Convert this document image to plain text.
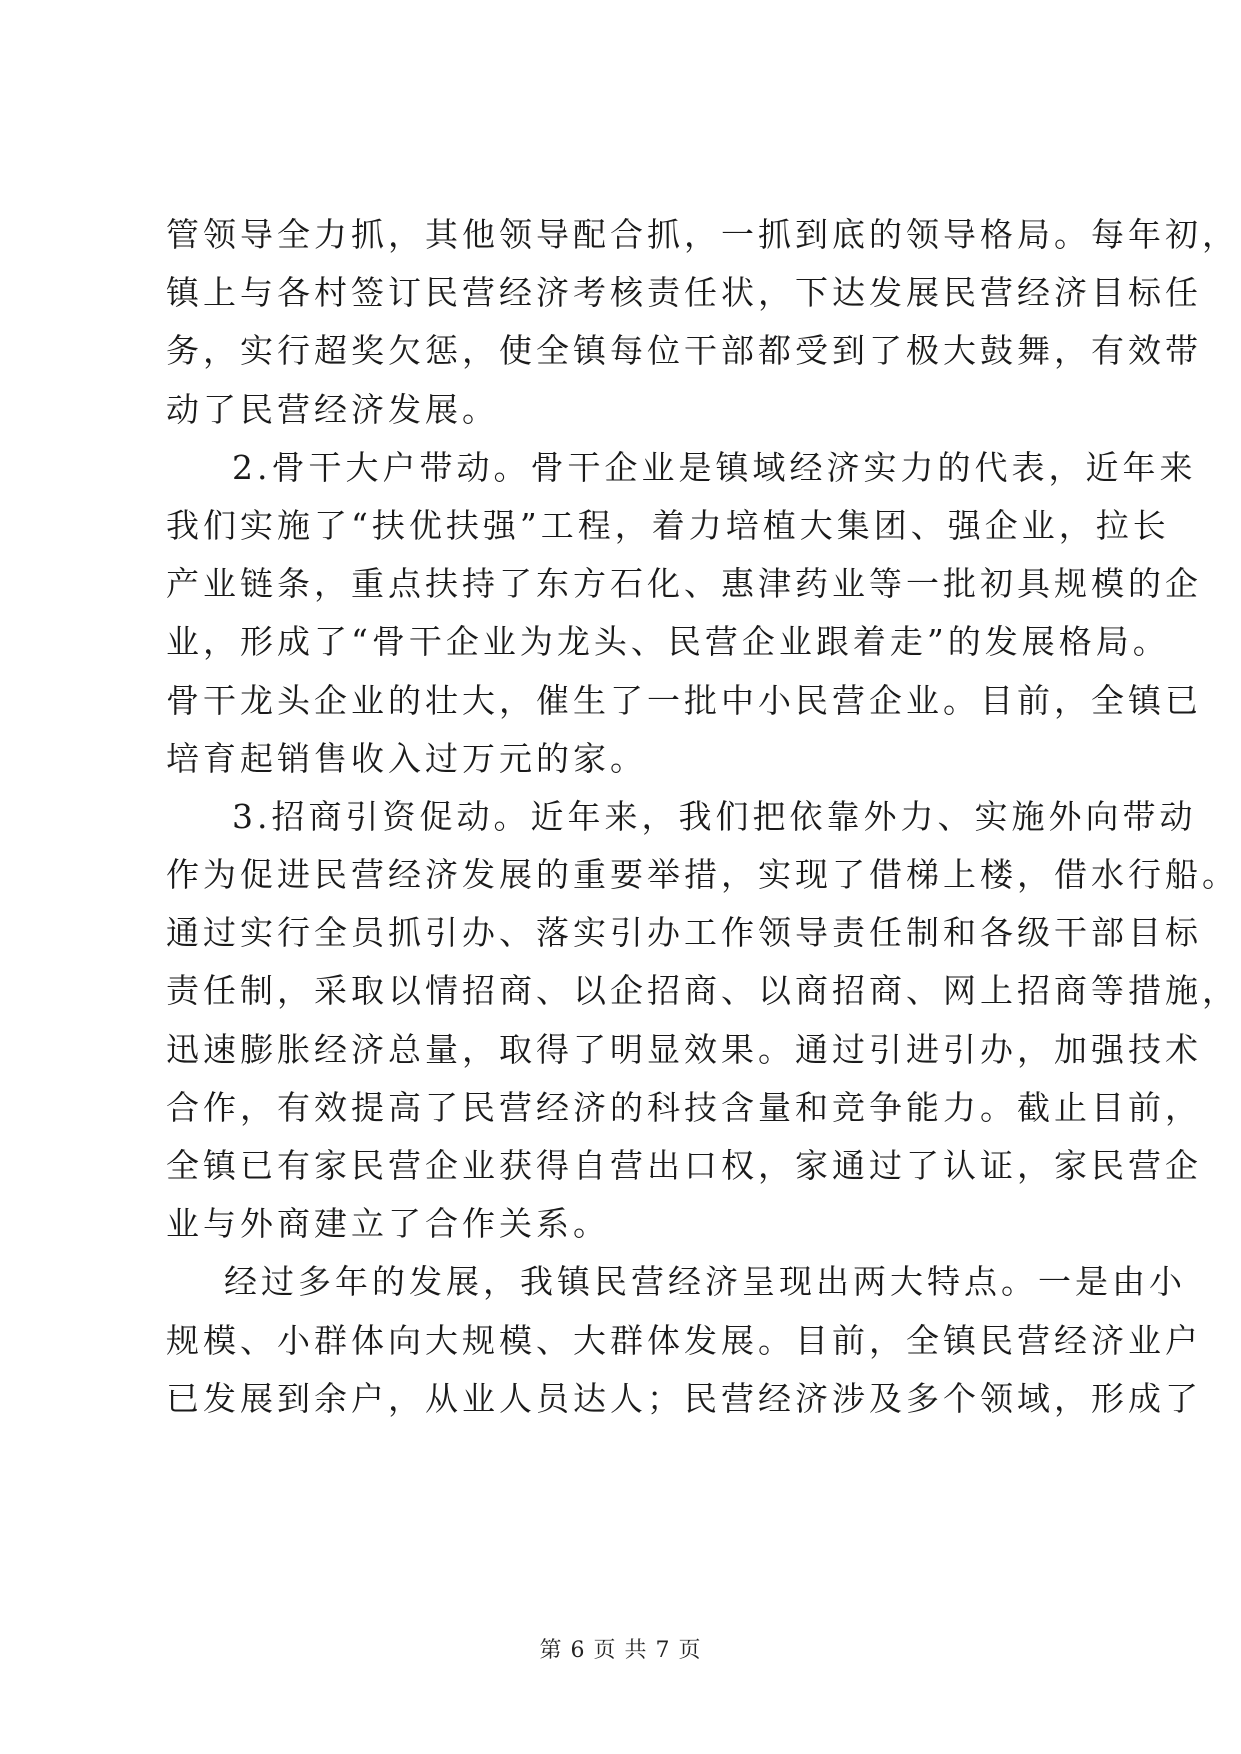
管领导全力抓，其他领导配合抓，一抓到底的领导格局。每年初，
镇上与各村签订民营经济考核责任状，下达发展民营经济目标任
务，实行超奖欠惩，使全镇每位干部都受到了极大鼓舞，有效带
动了民营经济发展。
2.骨干大户带动。骨干企业是镇域经济实力的代表，近年来
我们实施了“扶优扶强”工程，着力培植大集团、强企业，拉长
产业链条，重点扶持了东方石化、惠津药业等一批初具规模的企
业，形成了“骨干企业为龙头、民营企业跟着走”的发展格局。
骨干龙头企业的壮大，催生了一批中小民营企业。目前，全镇已
培育起销售收入过万元的家。
3.招商引资促动。近年来，我们把依靠外力、实施外向带动
作为促进民营经济发展的重要举措，实现了借梯上楼，借水行船。
通过实行全员抓引办、落实引办工作领导责任制和各级干部目标
责任制，采取以情招商、以企招商、以商招商、网上招商等措施，
迅速膨胀经济总量，取得了明显效果。通过引进引办，加强技术
合作，有效提高了民营经济的科技含量和竞争能力。截止目前，
全镇已有家民营企业获得自营出口权，家通过了认证，家民营企
业与外商建立了合作关系。
经过多年的发展，我镇民营经济呈现出两大特点。一是由小
规模、小群体向大规模、大群体发展。目前，全镇民营经济业户
已发展到余户，从业人员达人；民营经济涉及多个领域，形成了
第 6 页 共 7 页
